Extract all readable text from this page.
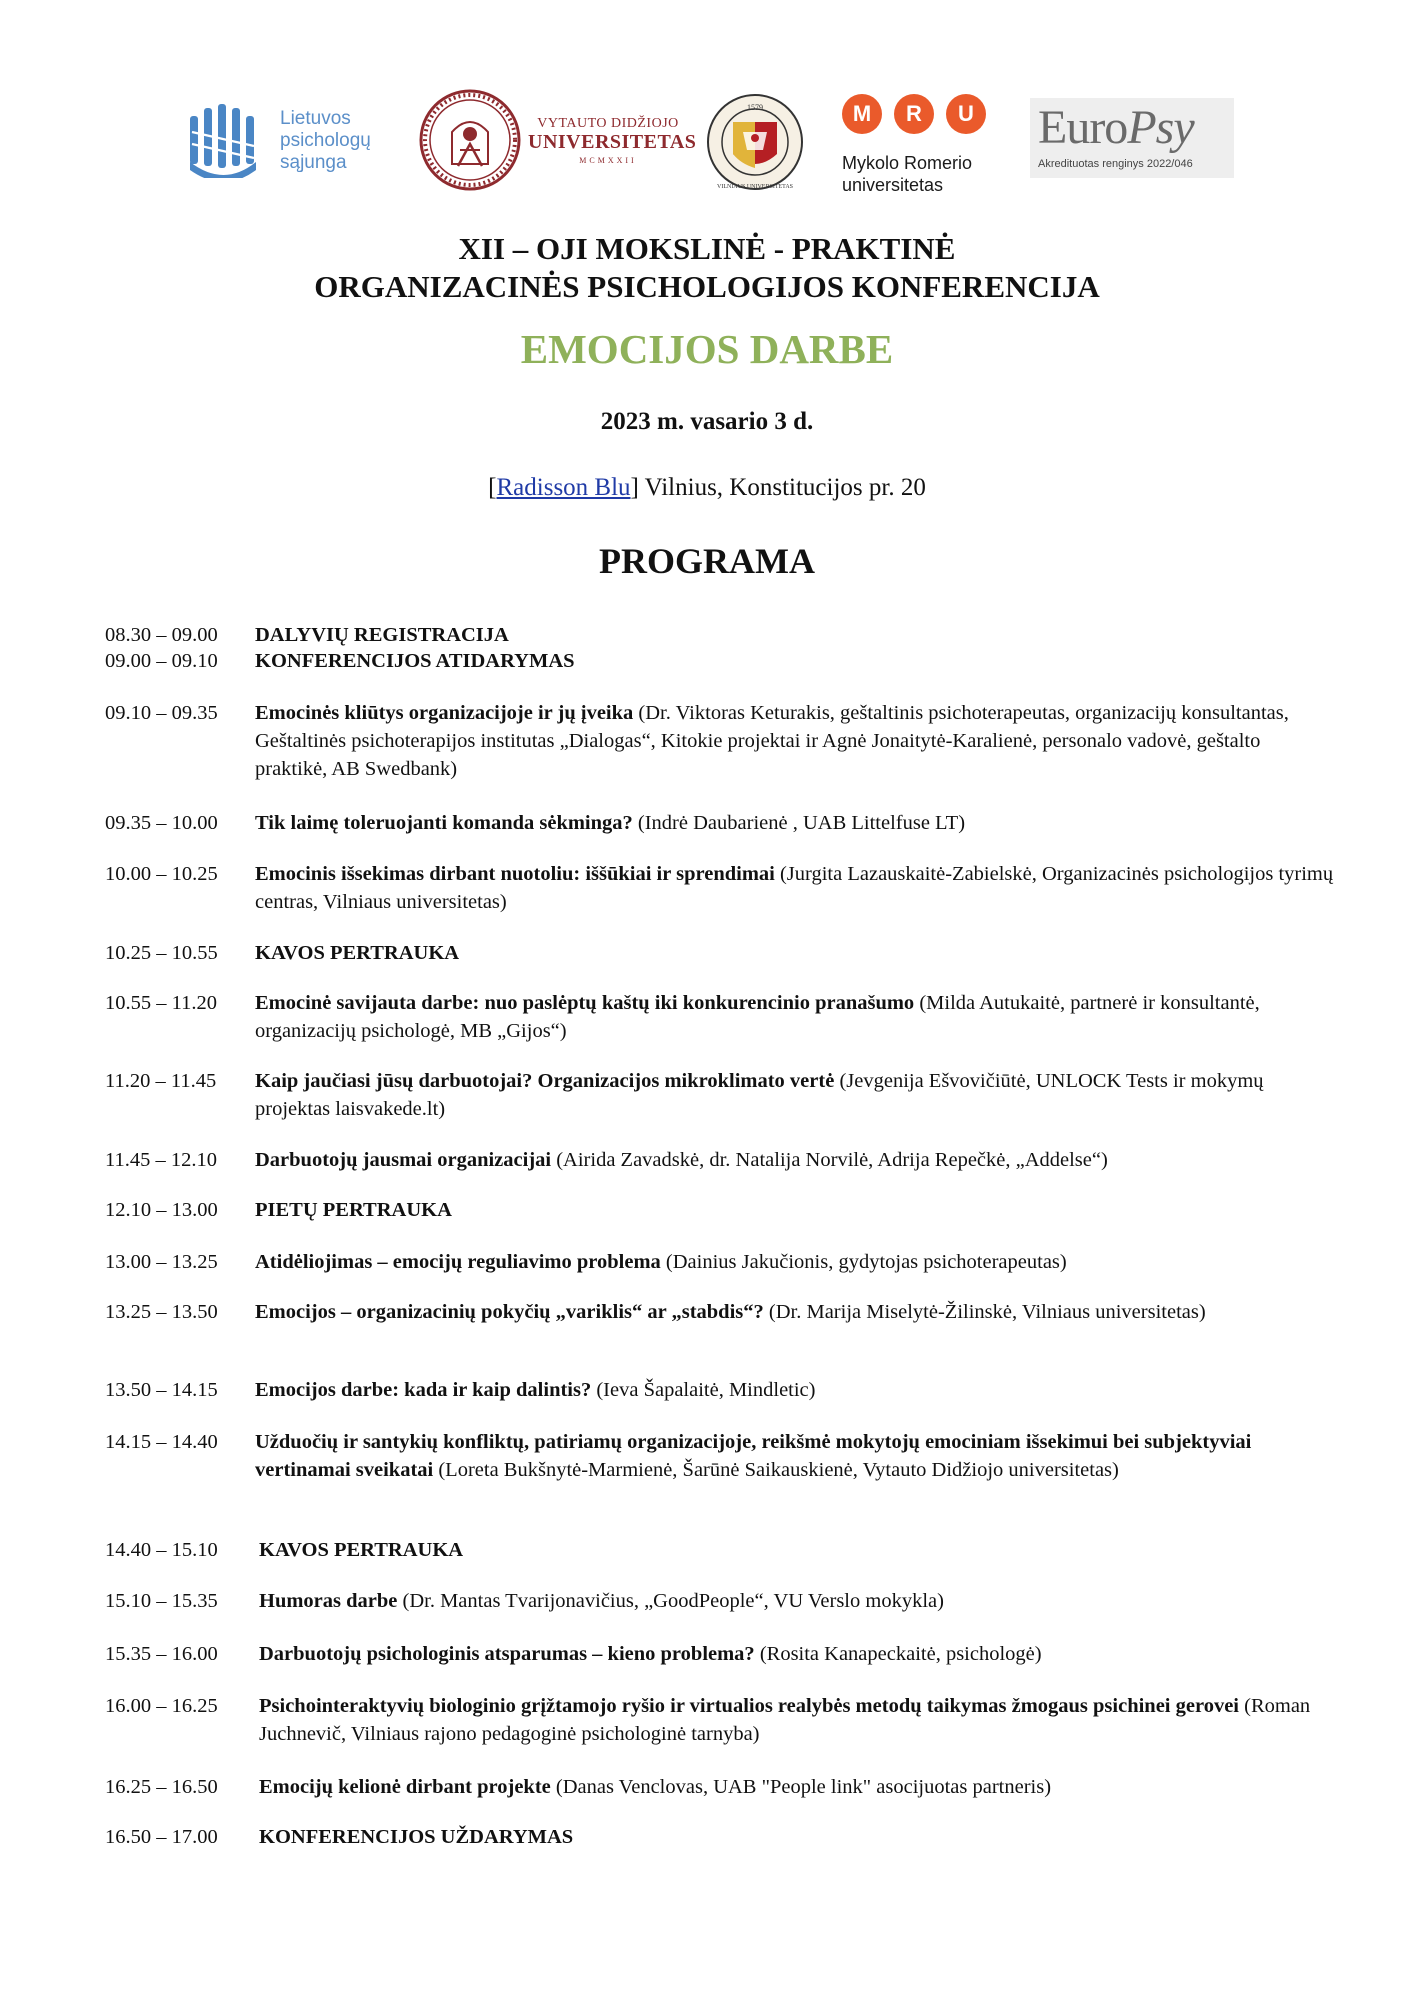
Lietuvos
psichologų
sąjunga
VYTAUTO DIDŽIOJO
UNIVERSITETAS
MCMXXII
1579
VILNIAUS UNIVERSITETAS
M R U
Mykolo Romerio
universitetas
EuroPsy
Akredituotas renginys 2022/046
XII – OJI MOKSLINĖ - PRAKTINĖ
ORGANIZACINĖS PSICHOLOGIJOS KONFERENCIJA
EMOCIJOS DARBE
2023 m. vasario 3 d.
[Radisson Blu] Vilnius, Konstitucijos pr. 20
PROGRAMA
08.30 – 09.00	DALYVIŲ REGISTRACIJA
09.00 – 09.10	KONFERENCIJOS ATIDARYMAS
09.10 – 09.35	Emocinės kliūtys organizacijoje ir jų įveika (Dr. Viktoras Keturakis, geštaltinis psichoterapeutas, organizacijų konsultantas, Geštaltinės psichoterapijos institutas „Dialogas“, Kitokie projektai ir Agnė Jonaitytė-Karalienė, personalo vadovė, geštalto praktikė, AB Swedbank)
09.35 – 10.00	Tik laimę toleruojanti komanda sėkminga? (Indrė Daubarienė , UAB Littelfuse LT)
10.00 – 10.25	Emocinis išsekimas dirbant nuotoliu: iššūkiai ir sprendimai (Jurgita Lazauskaitė-Zabielskė, Organizacinės psichologijos tyrimų centras, Vilniaus universitetas)
10.25 – 10.55	KAVOS PERTRAUKA
10.55 – 11.20	Emocinė savijauta darbe: nuo paslėptų kaštų iki konkurencinio pranašumo (Milda Autukaitė, partnerė ir konsultantė, organizacijų psichologė, MB „Gijos“)
11.20 – 11.45	Kaip jaučiasi jūsų darbuotojai? Organizacijos mikroklimato vertė (Jevgenija Ešvovičiūtė, UNLOCK Tests ir mokymų projektas laisvakede.lt)
11.45 – 12.10	Darbuotojų jausmai organizacijai (Airida Zavadskė, dr. Natalija Norvilė, Adrija Repečkė, „Addelse“)
12.10 – 13.00	PIETŲ PERTRAUKA
13.00 – 13.25	Atidėliojimas – emocijų reguliavimo problema (Dainius Jakučionis, gydytojas psichoterapeutas)
13.25 – 13.50	Emocijos – organizacinių pokyčių „variklis“ ar „stabdis“? (Dr. Marija Miselytė-Žilinskė, Vilniaus universitetas)
13.50 – 14.15	Emocijos darbe: kada ir kaip dalintis? (Ieva Šapalaitė, Mindletic)
14.15 – 14.40	Užduočių ir santykių konfliktų, patiriamų organizacijoje, reikšmė mokytojų emociniam išsekimui bei subjektyviai vertinamai sveikatai (Loreta Bukšnytė-Marmienė, Šarūnė Saikauskienė, Vytauto Didžiojo universitetas)
14.40 – 15.10	KAVOS PERTRAUKA
15.10 – 15.35	Humoras darbe (Dr. Mantas Tvarijonavičius, „GoodPeople“, VU Verslo mokykla)
15.35 – 16.00	Darbuotojų psichologinis atsparumas – kieno problema? (Rosita Kanapeckaitė, psichologė)
16.00 – 16.25	Psichointeraktyvių biologinio grįžtamojo ryšio ir virtualios realybės metodų taikymas žmogaus psichinei gerovei (Roman Juchnevič, Vilniaus rajono pedagoginė psichologinė tarnyba)
16.25 – 16.50	Emocijų kelionė dirbant projekte (Danas Venclovas, UAB "People link" asocijuotas partneris)
16.50 – 17.00	KONFERENCIJOS UŽDARYMAS
